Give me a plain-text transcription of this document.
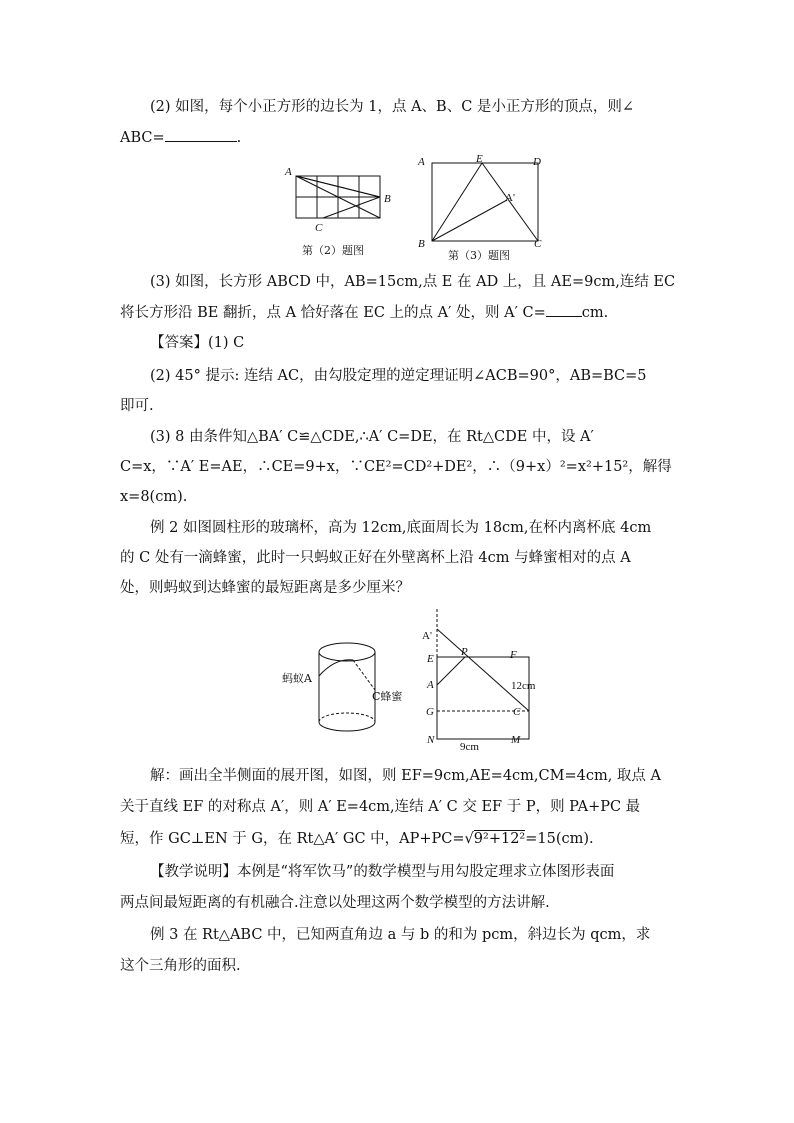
(2) 如图，每个小正方形的边长为 1，点 A、B、C 是小正方形的顶点，则∠
ABC=	.
A
B
C
第（2）题图
A	E	D
A'
B	C
第（3）题图
(3) 如图，长方形 ABCD 中，AB=15cm,点 E 在 AD 上，且 AE=9cm,连结 EC
将长方形沿 BE 翻折，点 A 恰好落在 EC 上的点 A′ 处，则 A′ C= cm.
【答案】(1) C
(2) 45° 提示: 连结 AC，由勾股定理的逆定理证明∠ACB=90°，AB=BC=5
即可.
(3) 8 由条件知△BA′ C≌△CDE,∴A′ C=DE，在 Rt△CDE 中，设 A′
C=x，∵A′ E=AE，∴CE=9+x，∵CE²=CD²+DE²，∴（9+x）²=x²+15²，解得
x=8(cm).
例 2 如图圆柱形的玻璃杯，高为 12cm,底面周长为 18cm,在杯内离杯底 4cm
的 C 处有一滴蜂蜜，此时一只蚂蚁正好在外壁离杯上沿 4cm 与蜂蜜相对的点 A
处，则蚂蚁到达蜂蜜的最短距离是多少厘米？
蚂蚁A
C蜂蜜
A'
E
P	F
A	12cm
G	C
N
9cm
M
解：画出全半侧面的展开图，如图，则 EF=9cm,AE=4cm,CM=4cm, 取点 A
关于直线 EF 的对称点 A′，则 A′ E=4cm,连结 A′ C 交 EF 于 P，则 PA+PC 最
短，作 GC⊥EN 于 G，在 Rt△A′ GC 中，AP+PC=√9²+12²=15(cm).
【教学说明】本例是“将军饮马”的数学模型与用勾股定理求立体图形表面
两点间最短距离的有机融合.注意以处理这两个数学模型的方法讲解.
例 3 在 Rt△ABC 中，已知两直角边 a 与 b 的和为 pcm，斜边长为 qcm，求
这个三角形的面积.
